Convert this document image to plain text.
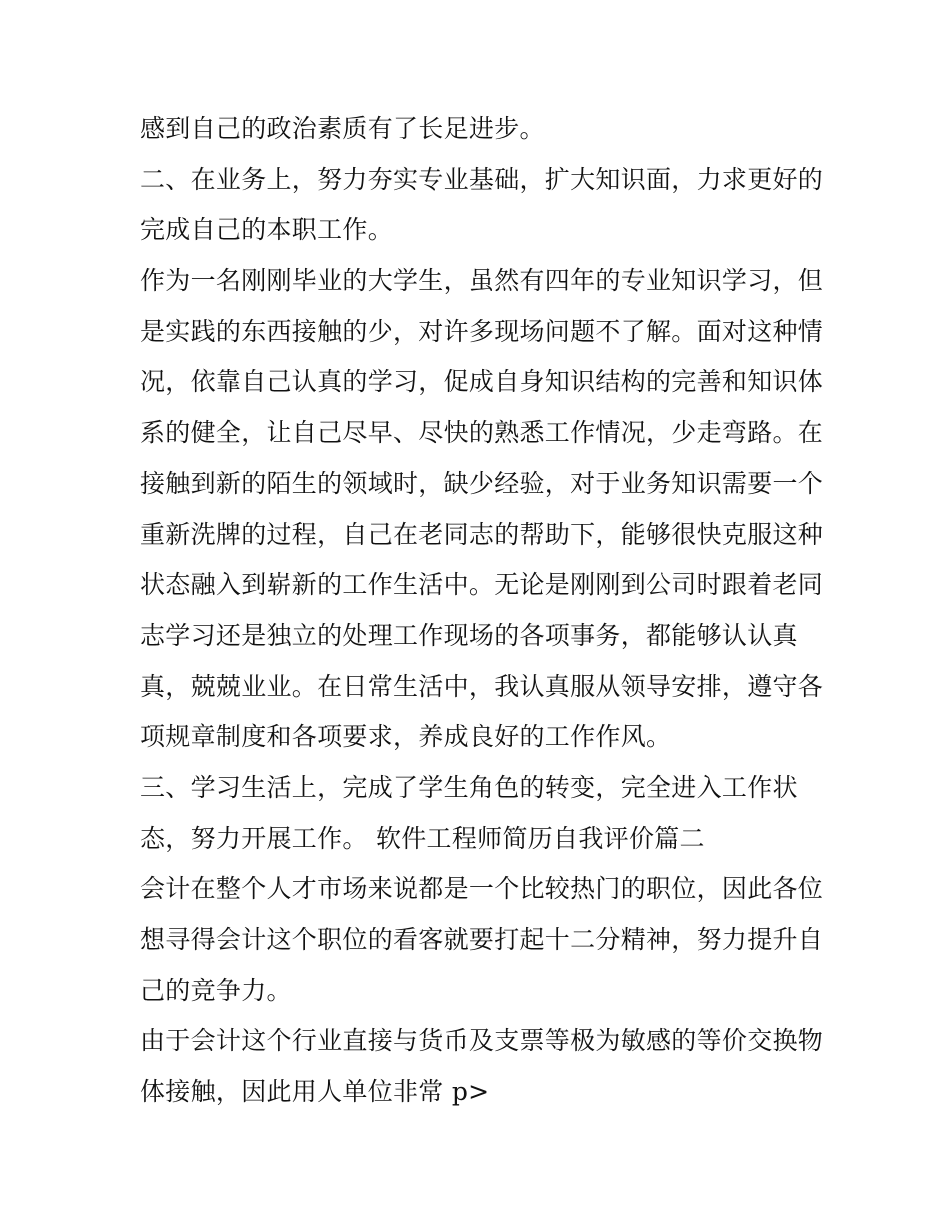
感到自己的政治素质有了长足进步。
二、在业务上，努力夯实专业基础，扩大知识面，力求更好的
完成自己的本职工作。
作为一名刚刚毕业的大学生，虽然有四年的专业知识学习，但
是实践的东西接触的少，对许多现场问题不了解。面对这种情
况，依靠自己认真的学习，促成自身知识结构的完善和知识体
系的健全，让自己尽早、尽快的熟悉工作情况，少走弯路。在
接触到新的陌生的领域时，缺少经验，对于业务知识需要一个
重新洗牌的过程，自己在老同志的帮助下，能够很快克服这种
状态融入到崭新的工作生活中。无论是刚刚到公司时跟着老同
志学习还是独立的处理工作现场的各项事务，都能够认认真
真，兢兢业业。在日常生活中，我认真服从领导安排，遵守各
项规章制度和各项要求，养成良好的工作作风。
三、学习生活上，完成了学生角色的转变，完全进入工作状
态，努力开展工作。 软件工程师简历自我评价篇二
会计在整个人才市场来说都是一个比较热门的职位，因此各位
想寻得会计这个职位的看客就要打起十二分精神，努力提升自
己的竞争力。
由于会计这个行业直接与货币及支票等极为敏感的等价交换物
体接触，因此用人单位非常 p>
